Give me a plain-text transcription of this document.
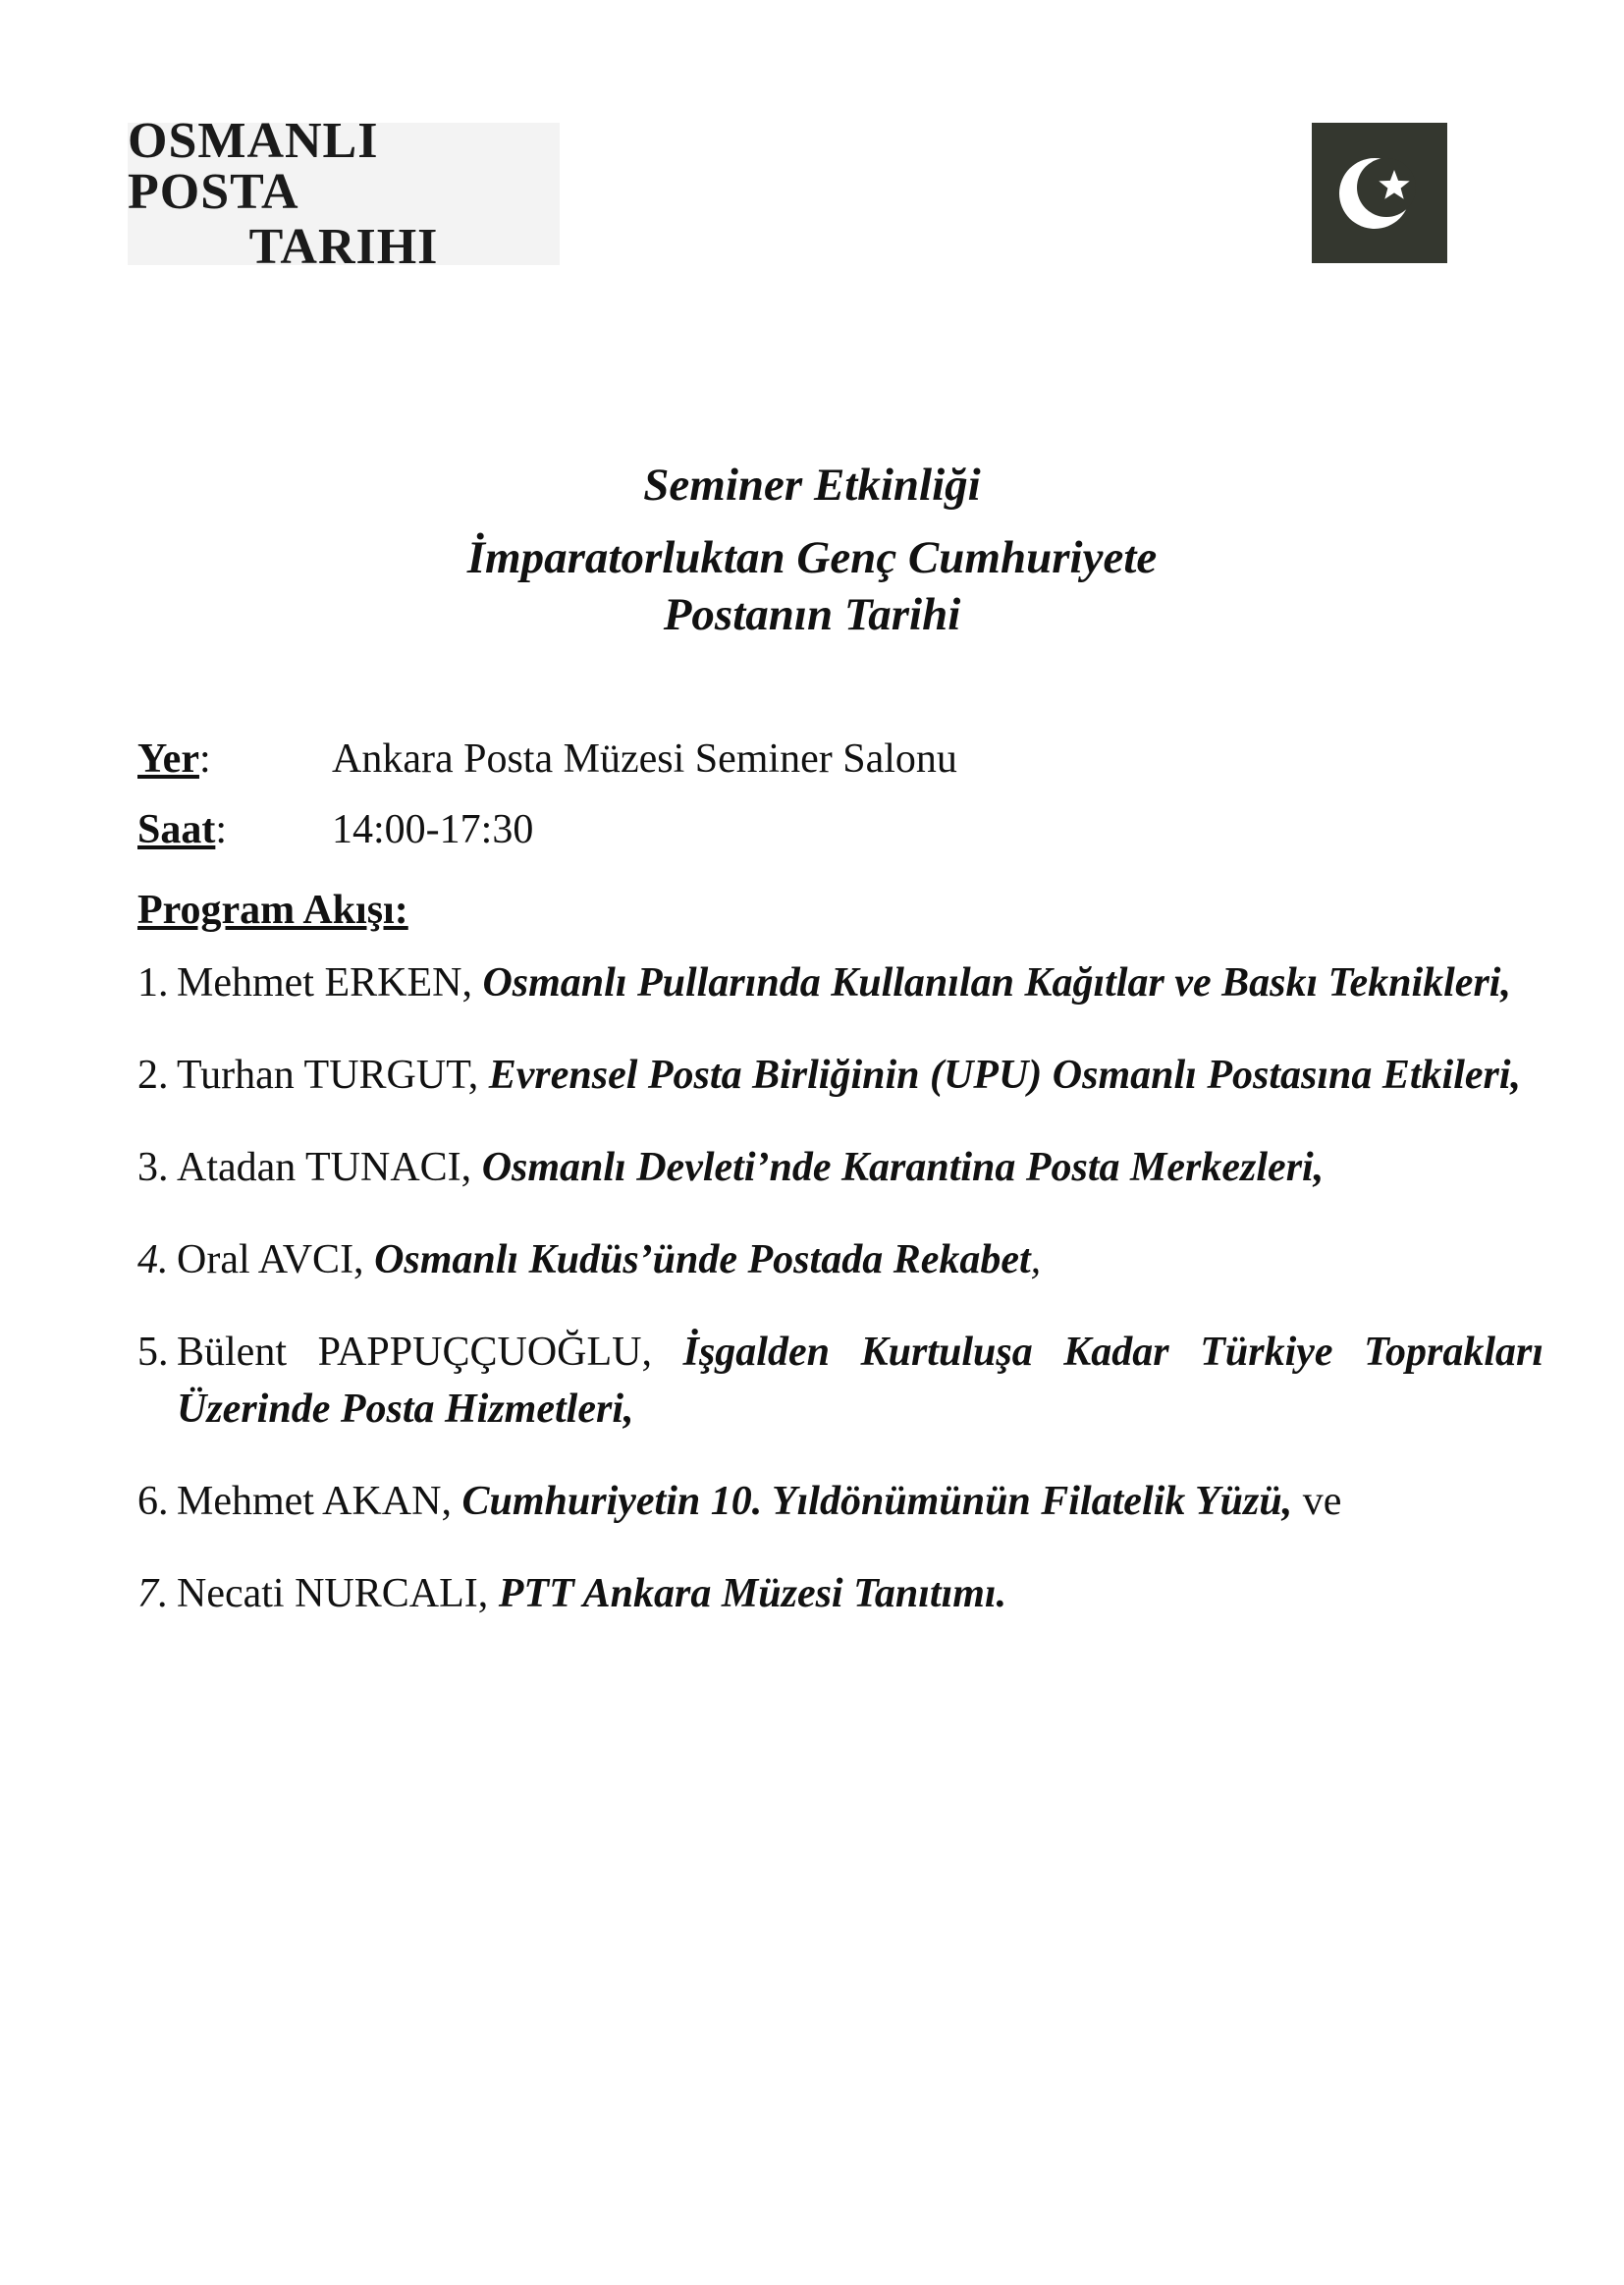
OSMANLI POSTA
TARIHI
Seminer Etkinliği
İmparatorluktan Genç Cumhuriyete
Postanın Tarihi
Yer:	Ankara Posta Müzesi Seminer Salonu
Saat:	14:00-17:30
Program Akışı:
1. Mehmet ERKEN, Osmanlı Pullarında Kullanılan Kağıtlar ve Baskı Teknikleri,
2. Turhan TURGUT, Evrensel Posta Birliğinin (UPU) Osmanlı Postasına Etkileri,
3. Atadan TUNACI, Osmanlı Devleti’nde Karantina Posta Merkezleri,
4. Oral AVCI, Osmanlı Kudüs’ünde Postada Rekabet,
5. Bülent PAPPUÇÇUOĞLU, İşgalden Kurtuluşa Kadar Türkiye Toprakları Üzerinde Posta Hizmetleri,
6. Mehmet AKAN, Cumhuriyetin 10. Yıldönümünün Filatelik Yüzü, ve
7. Necati NURCALI, PTT Ankara Müzesi Tanıtımı.
